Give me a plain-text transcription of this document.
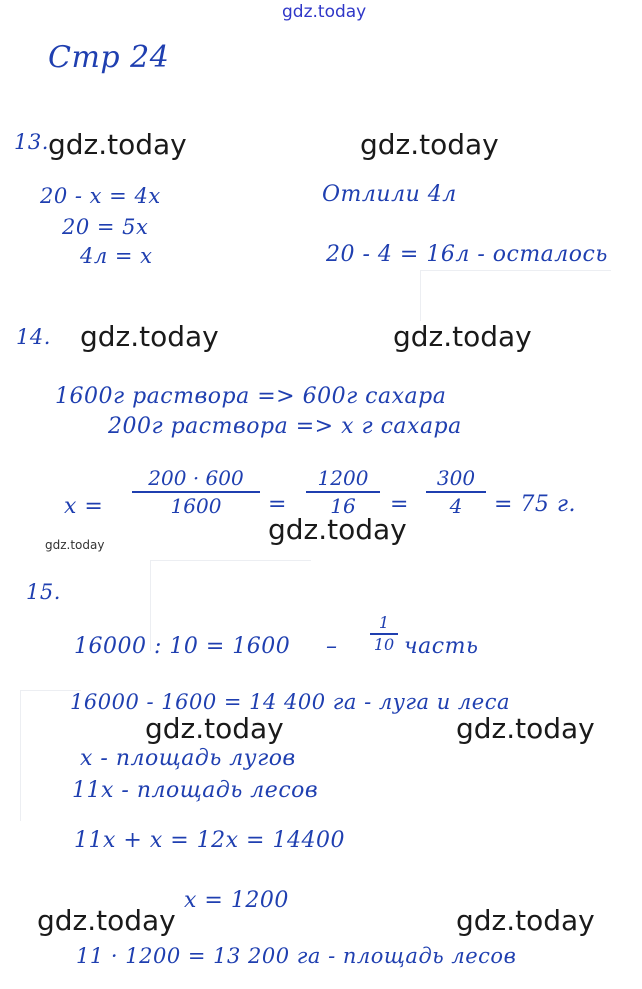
gdz.today
gdz.today	gdz.today
gdz.today	gdz.today
gdz.today
gdz.today
gdz.today	gdz.today
gdz.today	gdz.today
Стр 24
13.
20 - x = 4x
20 = 5x
4л = x
Отлили 4л
20 - 4 = 16л - осталось
14.
1600г раствора => 600г сахара
200г раствора => x г сахара
x =
200 · 600
1600	=
1200
16	=
300
4	= 75 г.
15.
16000 : 10 = 1600 –
1
10 часть
16000 - 1600 = 14 400 га - луга и леса
x - площадь лугов
11x - площадь лесов
11x + x = 12x = 14400
x = 1200
11 · 1200 = 13 200 га - площадь лесов
